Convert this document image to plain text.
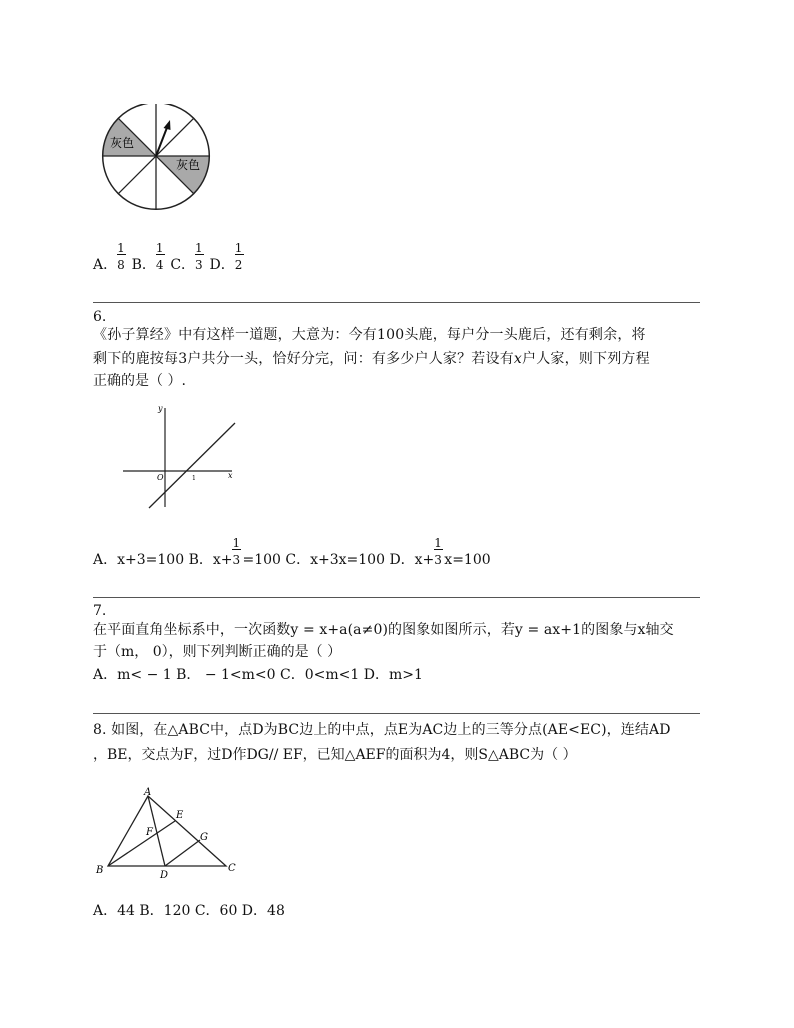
灰色
灰色
A．
$\frac{1}{8}$
B．
$\frac{1}{4}$
C．
$\frac{1}{3}$
D．
$\frac{1}{2}$
6.
《孙子算经》中有这样一道题，大意为：今有100头鹿，每户分一头鹿后，还有剩余，将
剩下的鹿按每3户共分一头，恰好分完，问：有多少户人家？若设有x户人家，则下列方程
正确的是（ ）.
y
x
O	1
A．x+3=100 B．x+
$\frac{1}{3}$
=100 C．x+3x=100 D．x+
$\frac{1}{3}$
x=100
7.
在平面直角坐标系中，一次函数y = x+a(a≠0)的图象如图所示，若y = ax+1的图象与x轴交
于（m， 0），则下列判断正确的是（ ）
A．m< − 1 B． − 1<m<0 C．0<m<1 D．m>1
8. 如图，在△ABC中，点D为BC边上的中点，点E为AC边上的三等分点(AE<EC)，连结AD
，BE，交点为F，过D作DG// EF，已知△AEF的面积为4，则S△ABC为（ ）
A
B	C
D
E
F	G
A．44 B．120 C．60 D．48
